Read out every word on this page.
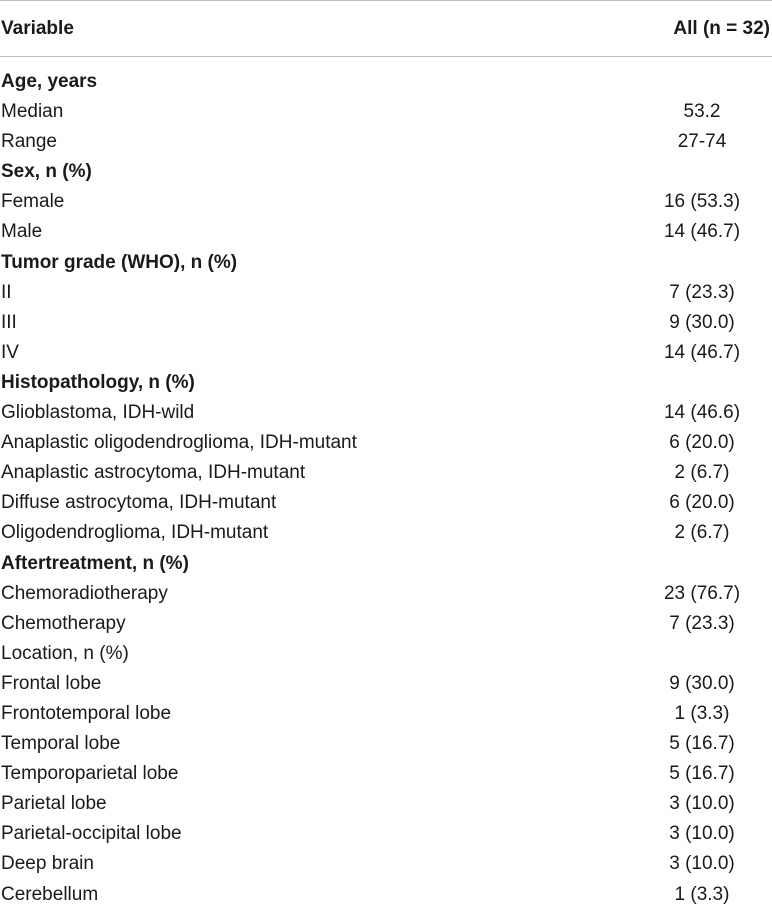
Variable	All (n = 32)
Age, years
Median	53.2
Range	27-74
Sex, n (%)
Female	16 (53.3)
Male	14 (46.7)
Tumor grade (WHO), n (%)
II	7 (23.3)
III	9 (30.0)
IV	14 (46.7)
Histopathology, n (%)
Glioblastoma, IDH-wild	14 (46.6)
Anaplastic oligodendroglioma, IDH-mutant	6 (20.0)
Anaplastic astrocytoma, IDH-mutant	2 (6.7)
Diffuse astrocytoma, IDH-mutant	6 (20.0)
Oligodendroglioma, IDH-mutant	2 (6.7)
Aftertreatment, n (%)
Chemoradiotherapy	23 (76.7)
Chemotherapy	7 (23.3)
Location, n (%)
Frontal lobe	9 (30.0)
Frontotemporal lobe	1 (3.3)
Temporal lobe	5 (16.7)
Temporoparietal lobe	5 (16.7)
Parietal lobe	3 (10.0)
Parietal-occipital lobe	3 (10.0)
Deep brain	3 (10.0)
Cerebellum	1 (3.3)
